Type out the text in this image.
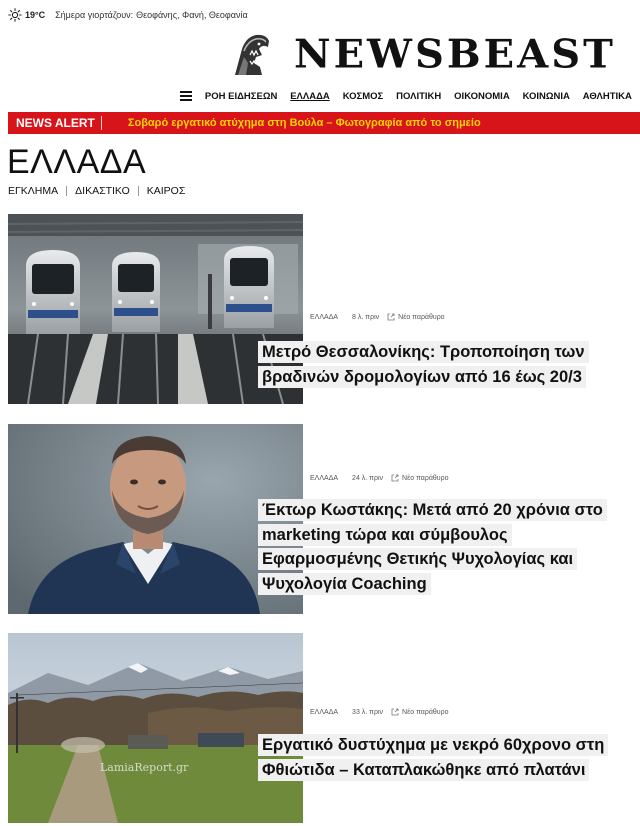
19°C Σήμερα γιορτάζουν: Θεοφάνης, Φανή, Θεοφανία
NEWSBEAST
ΡΟΗ ΕΙΔΗΣΕΩΝ ΕΛΛΑΔΑ ΚΟΣΜΟΣ ΠΟΛΙΤΙΚΗ ΟΙΚΟΝΟΜΙΑ ΚΟΙΝΩΝΙΑ ΑΘΛΗΤΙΚΑ
NEWS ALERT	Σοβαρό εργατικό ατύχημα στη Βούλα – Φωτογραφία από το σημείο
ΕΛΛΑΔΑ
ΕΓΚΛΗΜΑ ΔΙΚΑΣΤΙΚΟ ΚΑΙΡΟΣ
ΕΛΛΑΔΑ 8 λ. πριν	Νέο παράθυρο
Μετρό Θεσσαλονίκης: Τροποποίηση των βραδινών δρομολογίων από 16 έως 20/3
ΕΛΛΑΔΑ 24 λ. πριν	Νέο παράθυρο
Έκτωρ Κωστάκης: Μετά από 20 χρόνια στο marketing τώρα και σύμβουλος Εφαρμοσμένης Θετικής Ψυχολογίας και Ψυχολογία Coaching
LamiaReport.gr
ΕΛΛΑΔΑ 33 λ. πριν	Νέο παράθυρο
Εργατικό δυστύχημα με νεκρό 60χρονο στη Φθιώτιδα – Καταπλακώθηκε από πλατάνι
